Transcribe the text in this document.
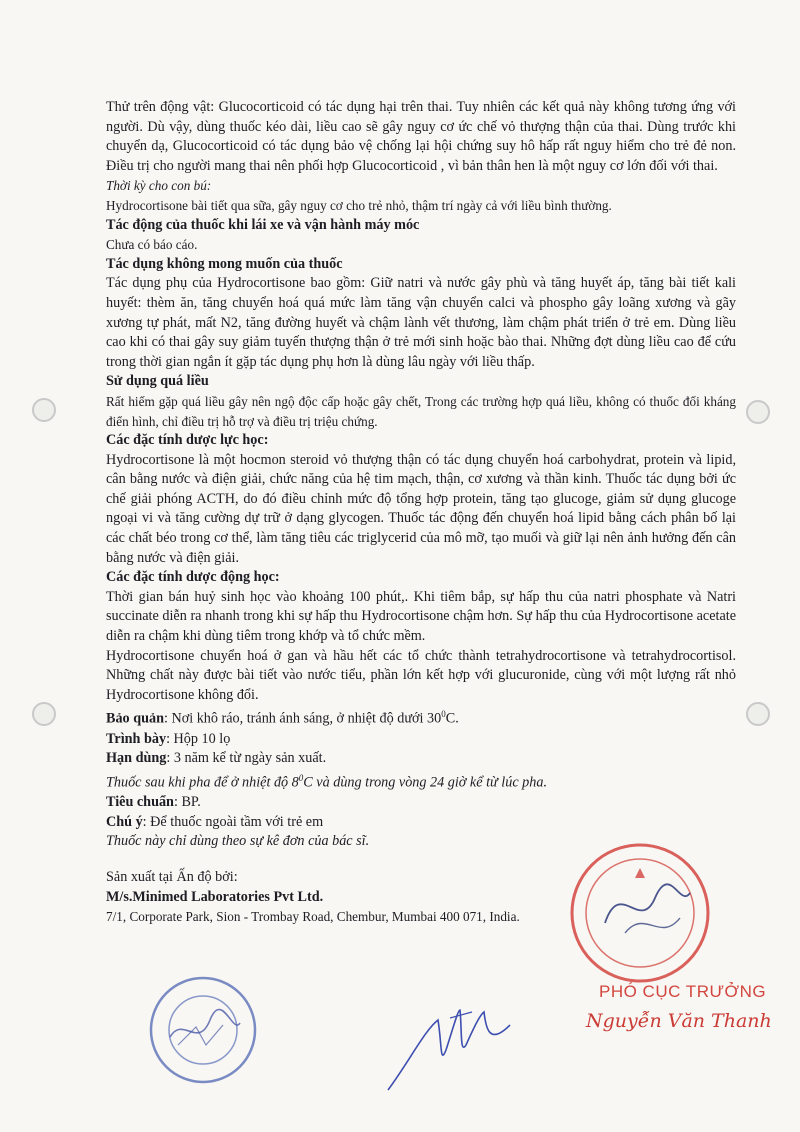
Thử trên động vật: Glucocorticoid có tác dụng hại trên thai. Tuy nhiên các kết quả này không tương ứng với người. Dù vậy, dùng thuốc kéo dài, liều cao sẽ gây nguy cơ ức chế vỏ thượng thận của thai. Dùng trước khi chuyển dạ, Glucocorticoid có tác dụng bảo vệ chống lại hội chứng suy hô hấp rất nguy hiểm cho trẻ đẻ non. Điều trị cho người mang thai nên phối hợp Glucocorticoid , vì bản thân hen là một nguy cơ lớn đối với thai.

Thời kỳ cho con bú:

Hydrocortisone bài tiết qua sữa, gây nguy cơ cho trẻ nhỏ, thậm trí ngày cả với liều bình thường.

Tác động của thuốc khi lái xe và vận hành máy móc

Chưa có báo cáo.

Tác dụng không mong muốn của thuốc

Tác dụng phụ của Hydrocortisone bao gồm: Giữ natri và nước gây phù và tăng huyết áp, tăng bài tiết kali huyết: thèm ăn, tăng chuyển hoá quá mức làm tăng vận chuyển calci và phospho gây loãng xương và gãy xương tự phát, mất N2, tăng đường huyết và chậm lành vết thương, làm chậm phát triển ở trẻ em. Dùng liều cao khi có thai gây suy giảm tuyến thượng thận ở trẻ mới sinh hoặc bào thai. Những đợt dùng liều cao để cứu trong thời gian ngắn ít gặp tác dụng phụ hơn là dùng lâu ngày với liều thấp.

Sử dụng quá liều

Rất hiếm gặp quá liều gây nên ngộ độc cấp hoặc gây chết, Trong các trường hợp quá liều, không có thuốc đối kháng điển hình, chỉ điều trị hỗ trợ và điều trị triệu chứng.

Các đặc tính dược lực học:

Hydrocortisone là một hocmon steroid vỏ thượng thận có tác dụng chuyển hoá carbohydrat, protein và lipid, cân bằng nước và điện giải, chức năng của hệ tim mạch, thận, cơ xương và thần kinh. Thuốc tác dụng bởi ức chế giải phóng ACTH, do đó điều chỉnh mức độ tổng hợp protein, tăng tạo glucoge, giảm sử dụng glucoge ngoại vi và tăng cường dự trữ ở dạng glycogen. Thuốc tác động đến chuyển hoá lipid bằng cách phân bố lại các chất béo trong cơ thể, làm tăng tiêu các triglycerid của mô mỡ, tạo muối và giữ lại nên ảnh hưởng đến cân bằng nước và điện giải.

Các đặc tính dược động học:

Thời gian bán huỷ sinh học vào khoảng 100 phút,. Khi tiêm bắp, sự hấp thu của natri phosphate và Natri succinate diễn ra nhanh trong khi sự hấp thu Hydrocortisone chậm hơn. Sự hấp thu của Hydrocortisone acetate diễn ra chậm khi dùng tiêm trong khớp và tổ chức mềm.

Hydrocortisone chuyển hoá ở gan và hầu hết các tổ chức thành tetrahydrocortisone và tetrahydrocortisol. Những chất này được bài tiết vào nước tiểu, phần lớn kết hợp với glucuronide, cùng với một lượng rất nhỏ Hydrocortisone không đổi.

Bảo quản: Nơi khô ráo, tránh ánh sáng, ở nhiệt độ dưới $30^0C$.

Trình bày: Hộp 10 lọ

Hạn dùng: 3 năm kể từ ngày sản xuất.

Thuốc sau khi pha để ở nhiệt độ $8^0C$ và dùng trong vòng 24 giờ kể từ lúc pha.

Tiêu chuẩn: BP.

Chú ý: Để thuốc ngoài tầm với trẻ em

Thuốc này chỉ dùng theo sự kê đơn của bác sĩ.

Sản xuất tại Ấn độ bởi:

M/s.Minimed Laboratories Pvt Ltd.

7/1, Corporate Park, Sion - Trombay Road, Chembur, Mumbai 400 071, India.

PHÓ CỤC TRƯỞNG
Nguyễn Văn Thanh
